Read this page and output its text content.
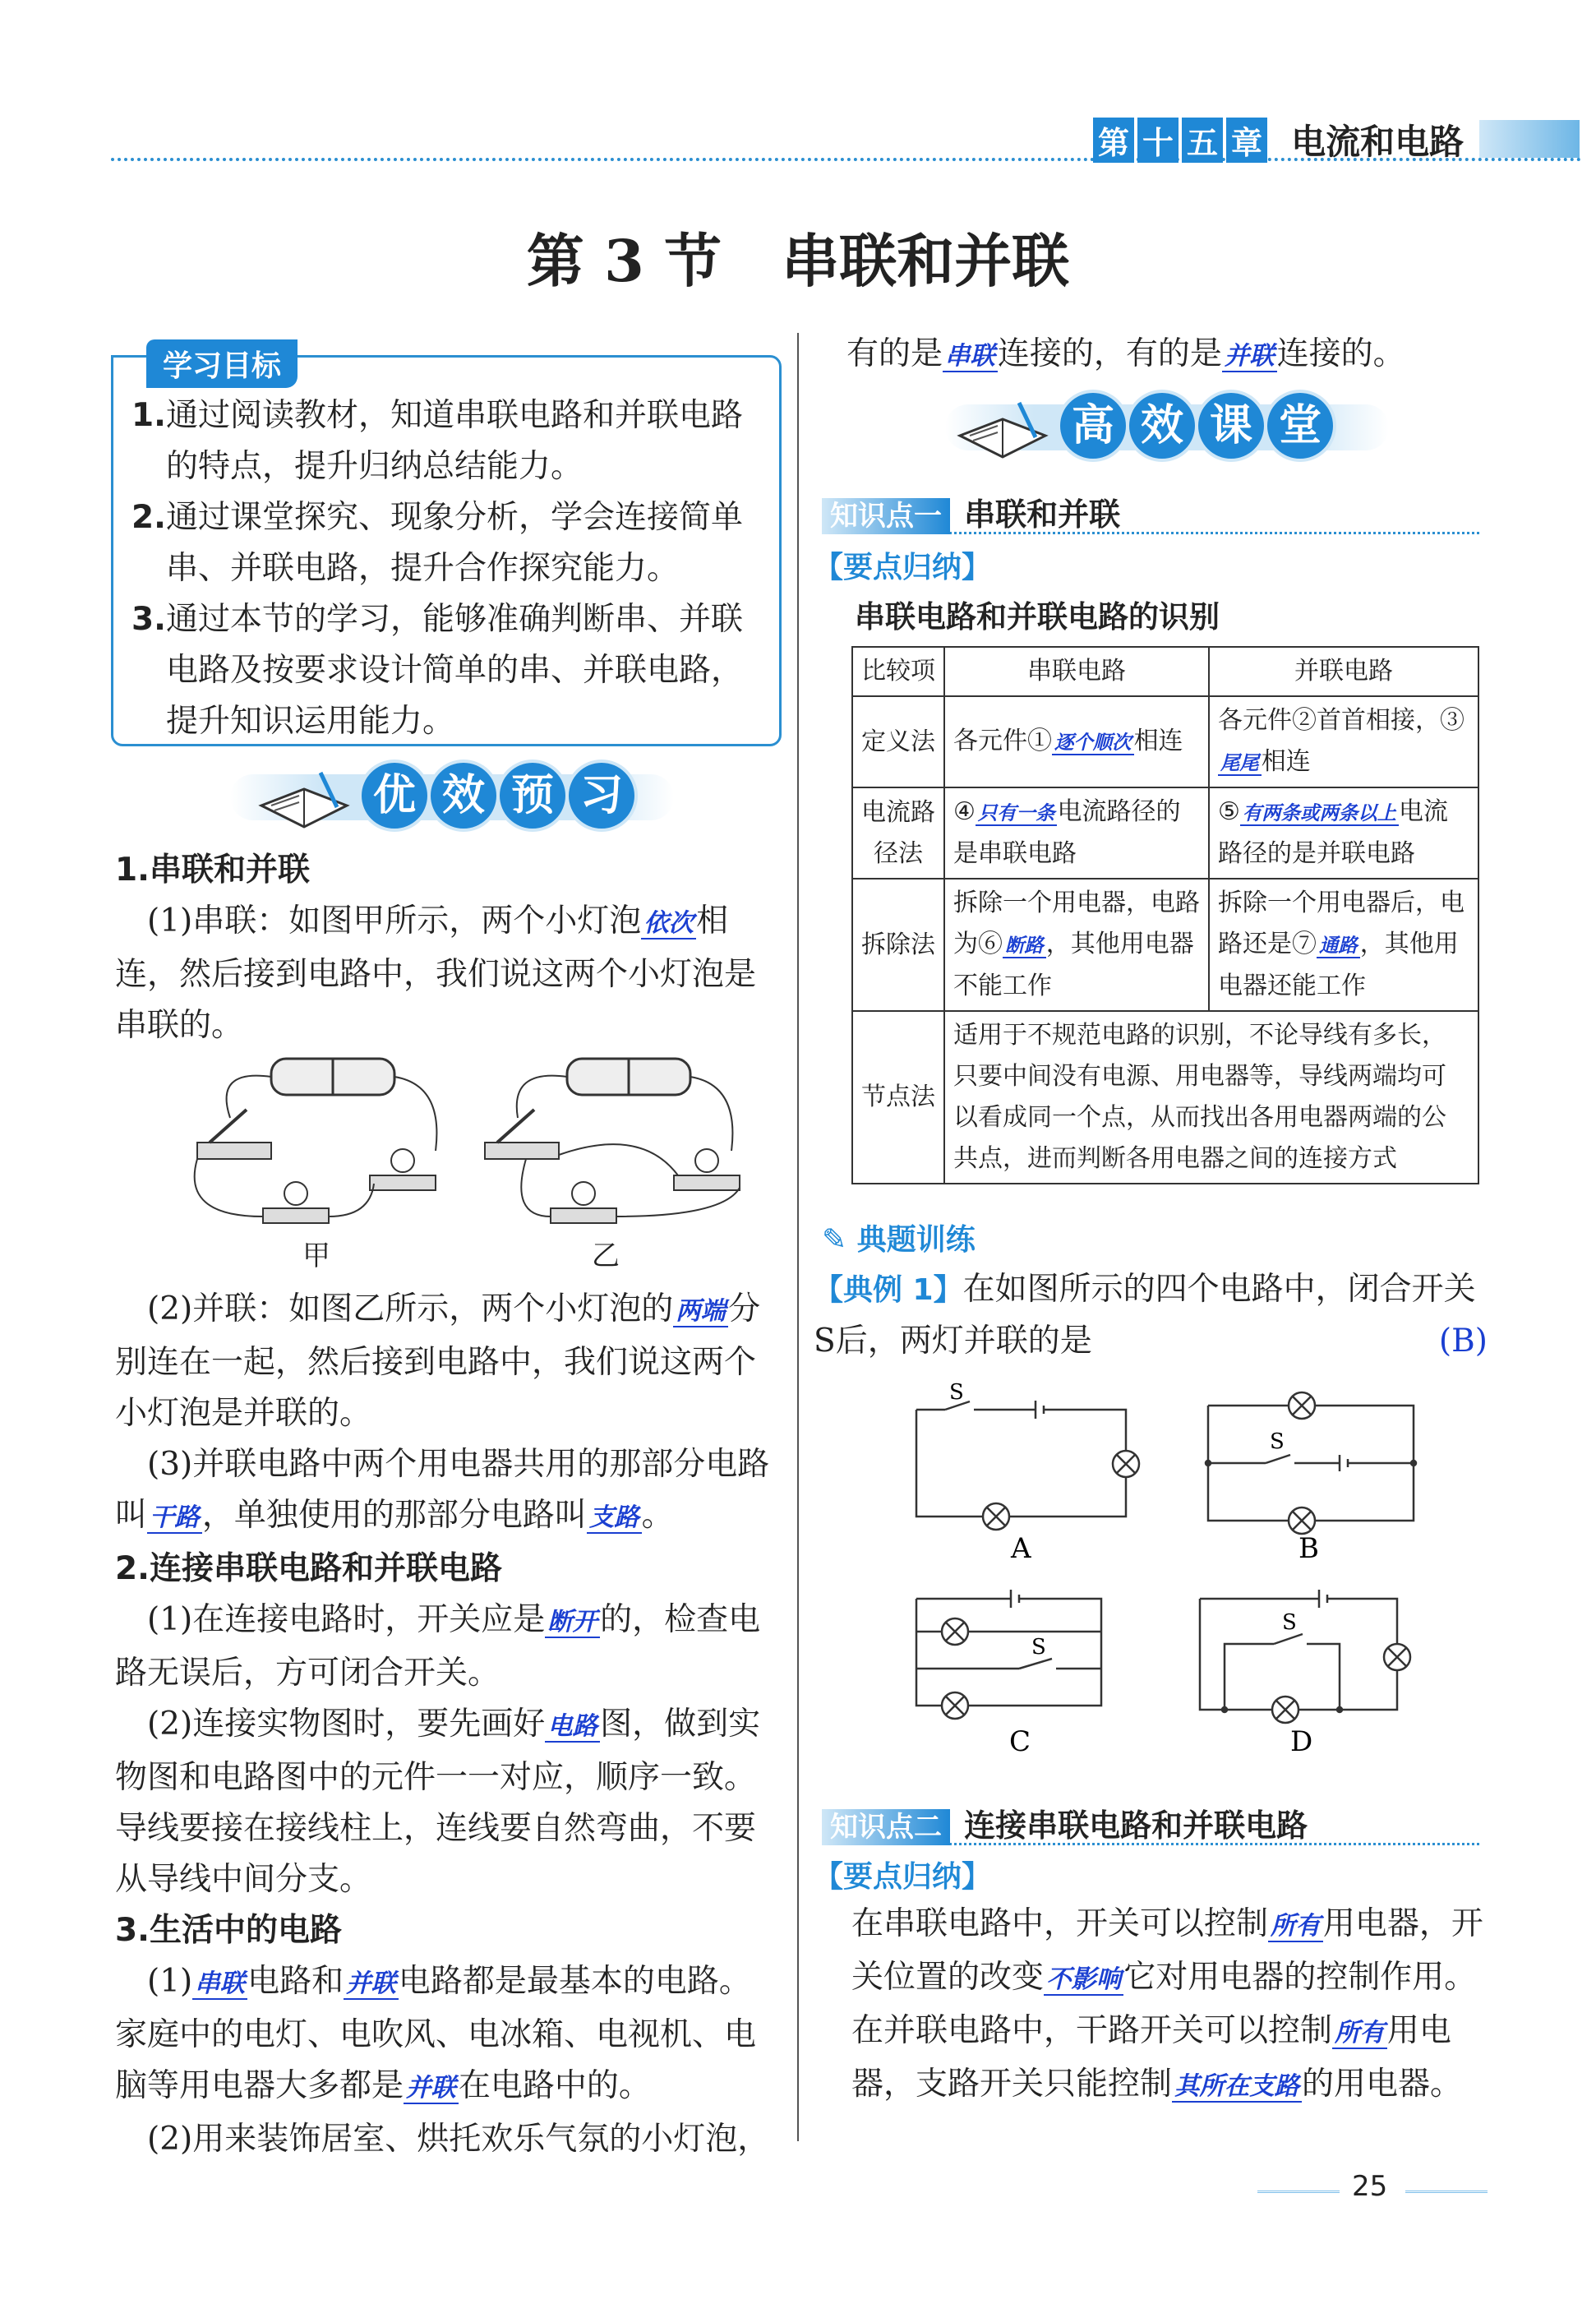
第 十 五 章 电流和电路
第 3 节   串联和并联
学习目标
1. 通过阅读教材，知道串联电路和并联电路的特点，提升归纳总结能力。
2. 通过课堂探究、现象分析，学会连接简单串、并联电路，提升合作探究能力。
3. 通过本节的学习，能够准确判断串、并联电路及按要求设计简单的串、并联电路，提升知识运用能力。
优 效 预 习
1.串联和并联
(1)串联：如图甲所示，两个小灯泡依次相连，然后接到电路中，我们说这两个小灯泡是串联的。
甲	乙
(2)并联：如图乙所示，两个小灯泡的两端分别连在一起，然后接到电路中，我们说这两个小灯泡是并联的。
(3)并联电路中两个用电器共用的那部分电路叫干路，单独使用的那部分电路叫支路。
2.连接串联电路和并联电路
(1)在连接电路时，开关应是断开的，检查电路无误后，方可闭合开关。
(2)连接实物图时，要先画好电路图，做到实物图和电路图中的元件一一对应，顺序一致。导线要接在接线柱上，连线要自然弯曲，不要从导线中间分支。
3.生活中的电路
(1)串联电路和并联电路都是最基本的电路。家庭中的电灯、电吹风、电冰箱、电视机、电脑等用电器大多都是并联在电路中的。
(2)用来装饰居室、烘托欢乐气氛的小灯泡，
有的是串联连接的，有的是并联连接的。
高 效 课 堂
知识点一 串联和并联
【要点归纳】
串联电路和并联电路的识别
比较项	串联电路	并联电路
定义法	各元件① 逐个顺次 相连	各元件②首首相接，③尾尾 相连
电流路径法	④ 只有一条 电流路径的是串联电路	⑤ 有两条或两条以上 电流路径的是并联电路
拆除法	拆除一个用电器，电路为⑥ 断路 ，其他用电器不能工作	拆除一个用电器后，电路还是⑦ 通路 ，其他用电器还能工作
节点法	适用于不规范电路的识别，不论导线有多长，只要中间没有电源、用电器等，导线两端均可以看成同一个点，从而找出各用电器两端的公共点，进而判断各用电器之间的连接方式	
✎ 典题训练
【典例 1】在如图所示的四个电路中，闭合开关S后，两灯并联的是	(B)
S
A
S
B
S
C
S
D
知识点二 连接串联电路和并联电路
【要点归纳】
在串联电路中，开关可以控制所有用电器，开关位置的改变不影响它对用电器的控制作用。在并联电路中，干路开关可以控制所有用电器，支路开关只能控制其所在支路的用电器。
25
